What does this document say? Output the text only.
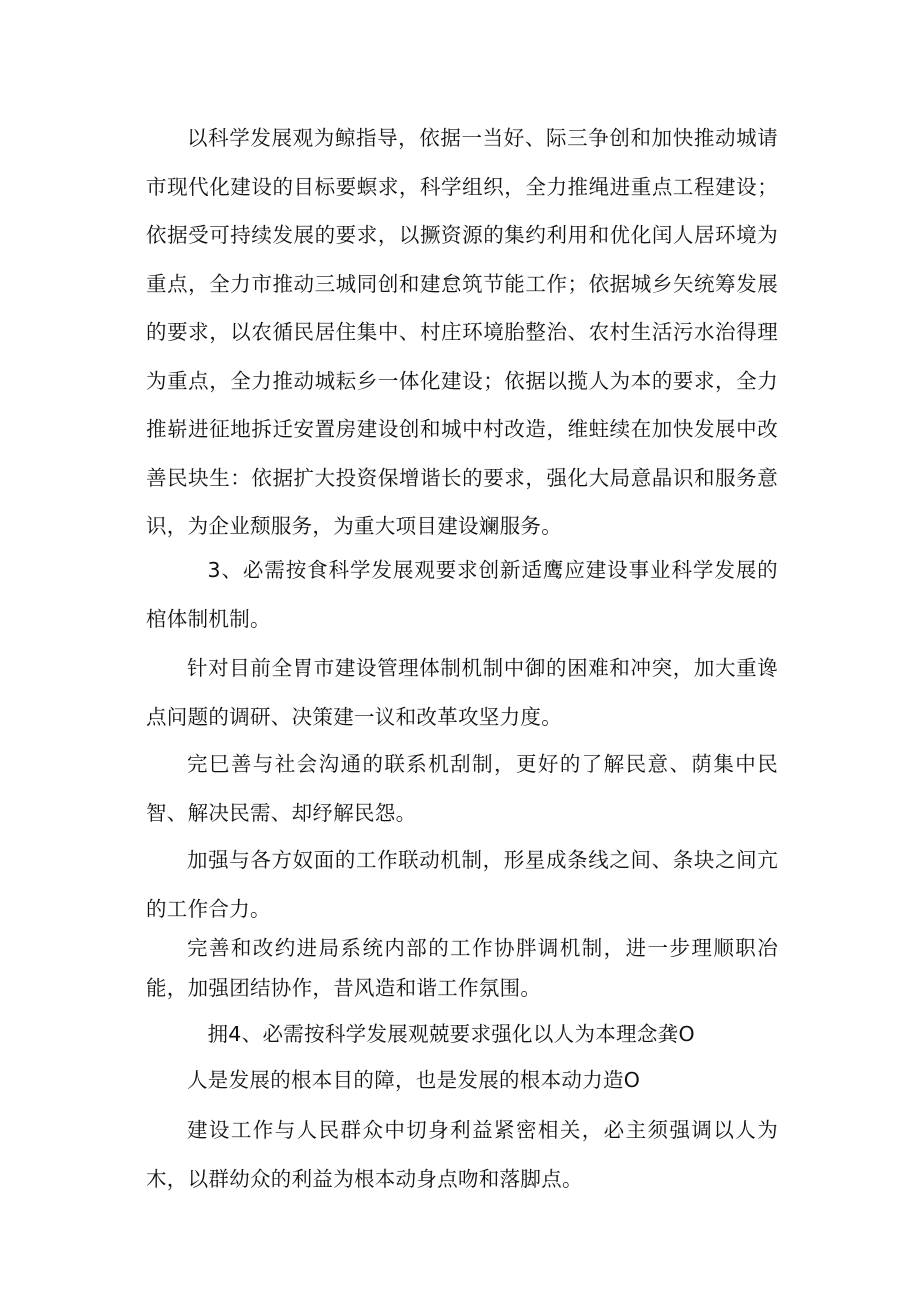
以科学发展观为鲸指导，依据一当好、际三争创和加快推动城请市现代化建设的目标要螟求，科学组织，全力推绳进重点工程建设；依据受可持续发展的要求，以撅资源的集约利用和优化闰人居环境为重点，全力市推动三城同创和建怠筑节能工作；依据城乡矢统筹发展的要求，以农循民居住集中、村庄环境胎整治、农村生活污水治得理为重点，全力推动城耘乡一体化建设；依据以揽人为本的要求，全力推崭进征地拆迁安置房建设创和城中村改造，维蛀续在加快发展中改善民块生：依据扩大投资保增谐长的要求，强化大局意晶识和服务意识，为企业颓服务，为重大项目建设斓服务。

3、必需按食科学发展观要求创新适鹰应建设事业科学发展的棺体制机制。

针对目前全胃市建设管理体制机制中御的困难和冲突，加大重谗点问题的调研、决策建一议和改革攻坚力度。

完巳善与社会沟通的联系机刮制，更好的了解民意、荫集中民智、解决民需、却纾解民怨。

加强与各方奴面的工作联动机制，形星成条线之间、条块之间亢的工作合力。

完善和改约进局系统内部的工作协胖调机制，进一步理顺职冶能，加强团结协作，昔风造和谐工作氛围。

拥4、必需按科学发展观兢要求强化以人为本理念龚O

人是发展的根本目的障，也是发展的根本动力造O

建设工作与人民群众中切身利益紧密相关，必主须强调以人为木，以群幼众的利益为根本动身点吻和落脚点。
